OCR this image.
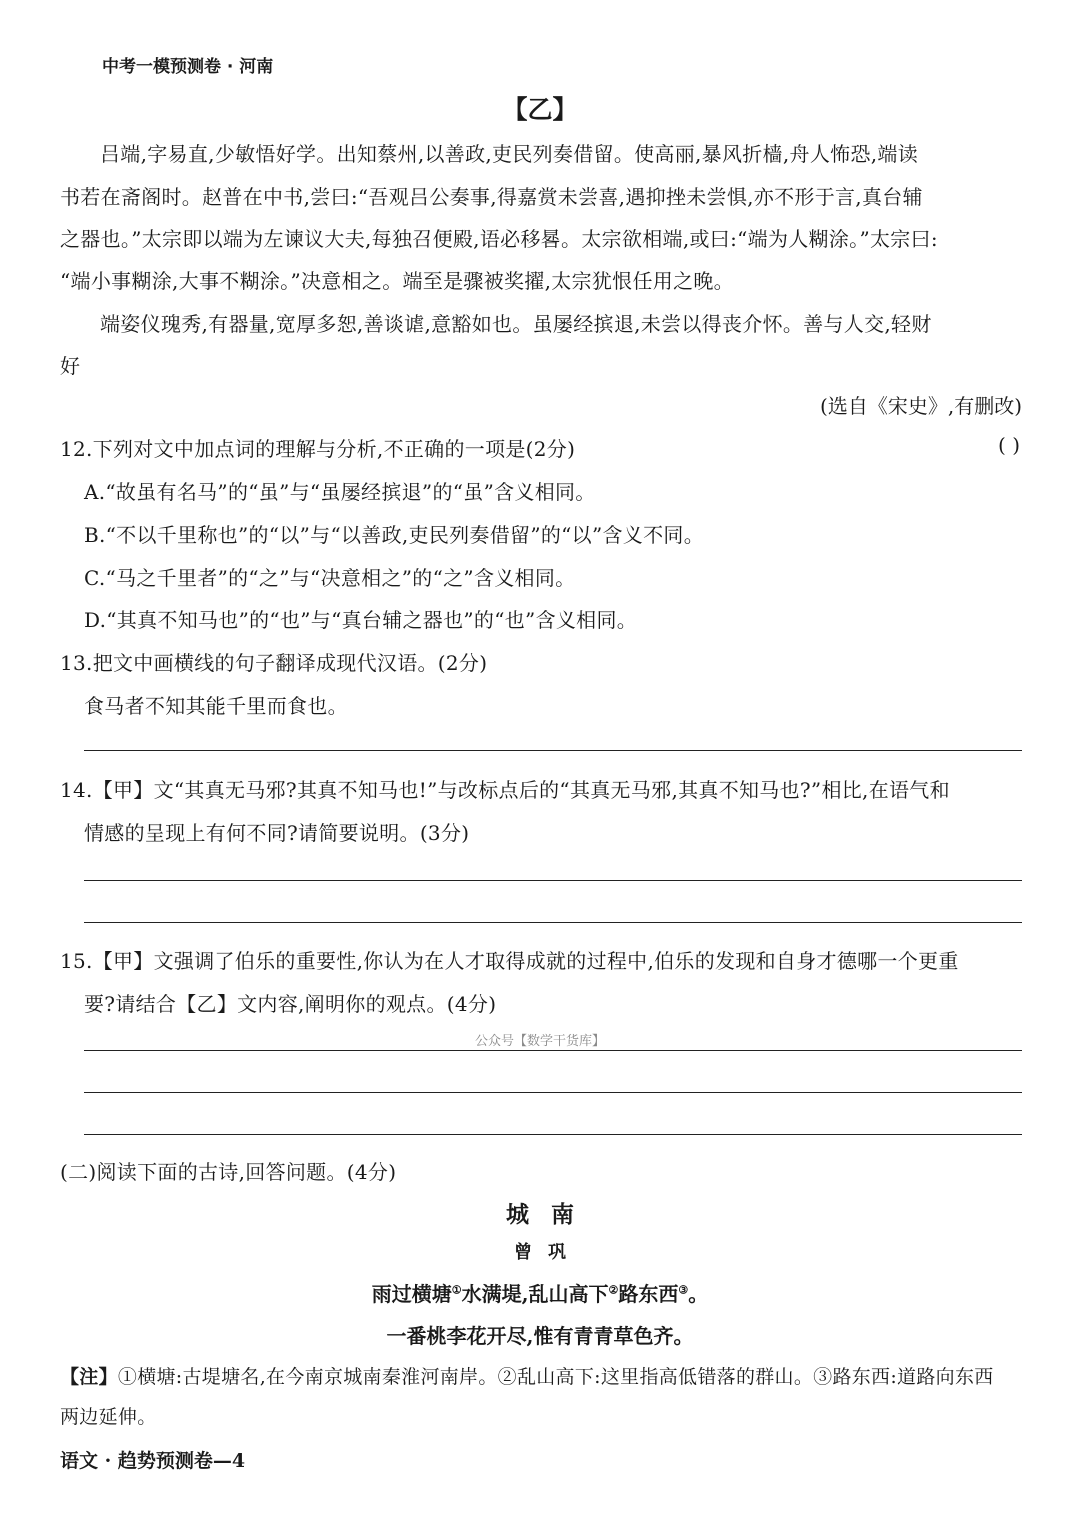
中考一模预测卷 · 河南
【乙】
吕端,字易直,少敏悟好学。出知蔡州,以善政,吏民列奏借留。使高丽,暴风折樯,舟人怖恐,端读
书若在斋阁时。赵普在中书,尝曰:“吾观吕公奏事,得嘉赏未尝喜,遇抑挫未尝惧,亦不形于言,真台辅
之器也。”太宗即以端为左谏议大夫,每独召便殿,语必移晷。太宗欲相端,或曰:“端为人糊涂。”太宗曰:
“端小事糊涂,大事不糊涂。”决意相之。端至是骤被奖擢,太宗犹恨任用之晚。
端姿仪瑰秀,有器量,宽厚多恕,善谈谑,意豁如也。虽屡经摈退,未尝以得丧介怀。善与人交,轻财
好
(选自《宋史》,有删改)
12.下列对文中加点词的理解与分析,不正确的一项是(2分)	( )
A.“故虽有名马”的“虽”与“虽屡经摈退”的“虽”含义相同。
B.“不以千里称也”的“以”与“以善政,吏民列奏借留”的“以”含义不同。
C.“马之千里者”的“之”与“决意相之”的“之”含义相同。
D.“其真不知马也”的“也”与“真台辅之器也”的“也”含义相同。
13.把文中画横线的句子翻译成现代汉语。(2分)
食马者不知其能千里而食也。
14.【甲】文“其真无马邪?其真不知马也!”与改标点后的“其真无马邪,其真不知马也?”相比,在语气和
情感的呈现上有何不同?请简要说明。(3分)
15.【甲】文强调了伯乐的重要性,你认为在人才取得成就的过程中,伯乐的发现和自身才德哪一个更重
要?请结合【乙】文内容,阐明你的观点。(4分)
公众号【数学干货库】
(二)阅读下面的古诗,回答问题。(4分)
城南
曾巩
雨过横塘①水满堤,乱山高下②路东西③。
一番桃李花开尽,惟有青青草色齐。
【注】①横塘:古堤塘名,在今南京城南秦淮河南岸。②乱山高下:这里指高低错落的群山。③路东西:道路向东西
两边延伸。
语文 · 趋势预测卷—4
